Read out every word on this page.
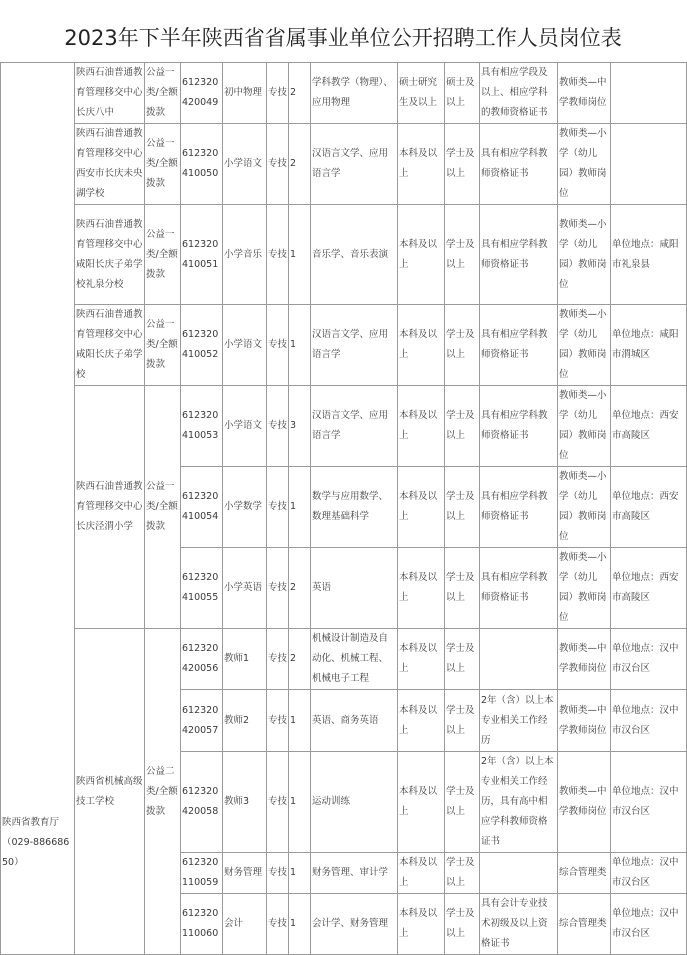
2023年下半年陕西省省属事业单位公开招聘工作人员岗位表
陕西省教育厅（029-88668650）	陕西石油普通教育管理移交中心长庆八中	公益一类/全额拨款	612320420049	初中物理	专技	2	学科教学（物理）、应用物理	硕士研究生及以上	硕士及以上	具有相应学段及以上、相应学科的教师资格证书	教师类—中学教师岗位	
	陕西石油普通教育管理移交中心西安市长庆未央湖学校	公益一类/全额拨款	612320410050	小学语文	专技	2	汉语言文学、应用语言学	本科及以上	学士及以上	具有相应学科教师资格证书	教师类—小学（幼儿园）教师岗位	
	陕西石油普通教育管理移交中心咸阳长庆子弟学校礼泉分校	公益一类/全额拨款	612320410051	小学音乐	专技	1	音乐学、音乐表演	本科及以上	学士及以上	具有相应学科教师资格证书	教师类—小学（幼儿园）教师岗位	单位地点：咸阳市礼泉县
	陕西石油普通教育管理移交中心咸阳长庆子弟学校	公益一类/全额拨款	612320410052	小学语文	专技	1	汉语言文学、应用语言学	本科及以上	学士及以上	具有相应学科教师资格证书	教师类—小学（幼儿园）教师岗位	单位地点：咸阳市渭城区
	陕西石油普通教育管理移交中心长庆泾渭小学	公益一类/全额拨款	612320410053	小学语文	专技	3	汉语言文学、应用语言学	本科及以上	学士及以上	具有相应学科教师资格证书	教师类—小学（幼儿园）教师岗位	单位地点：西安市高陵区
			612320410054	小学数学	专技	1	数学与应用数学、数理基础科学	本科及以上	学士及以上	具有相应学科教师资格证书	教师类—小学（幼儿园）教师岗位	单位地点：西安市高陵区
			612320410055	小学英语	专技	2	英语	本科及以上	学士及以上	具有相应学科教师资格证书	教师类—小学（幼儿园）教师岗位	单位地点：西安市高陵区
	陕西省机械高级技工学校	公益二类/全额拨款	612320420056	教师1	专技	2	机械设计制造及自动化、机械工程、机械电子工程	本科及以上	学士及以上		教师类—中学教师岗位	单位地点：汉中市汉台区
			612320420057	教师2	专技	1	英语、商务英语	本科及以上	学士及以上	2年（含）以上本专业相关工作经历	教师类—中学教师岗位	单位地点：汉中市汉台区
			612320420058	教师3	专技	1	运动训练	本科及以上	学士及以上	2年（含）以上本专业相关工作经历，具有高中相应学科教师资格证书	教师类—中学教师岗位	单位地点：汉中市汉台区
			612320110059	财务管理	专技	1	财务管理、审计学	本科及以上	学士及以上		综合管理类	单位地点：汉中市汉台区
			612320110060	会计	专技	1	会计学、财务管理	本科及以上	学士及以上	具有会计专业技术初级及以上资格证书	综合管理类	单位地点：汉中市汉台区
